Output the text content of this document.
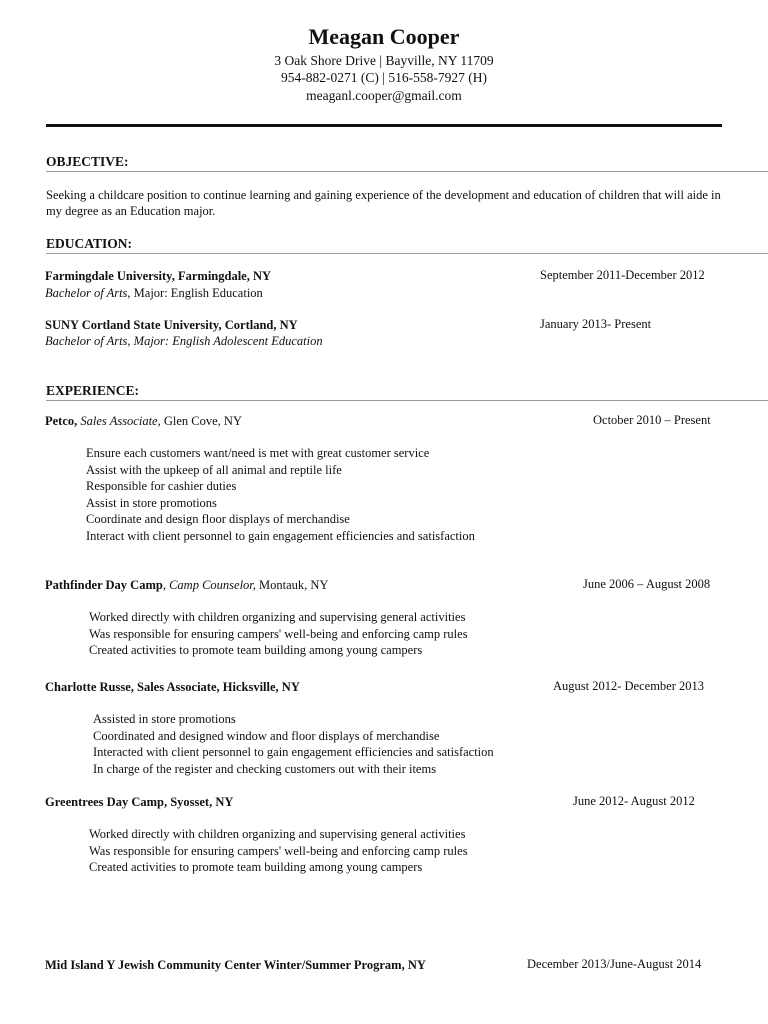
Meagan Cooper
3 Oak Shore Drive | Bayville, NY 11709
954-882-0271 (C) | 516-558-7927 (H)
meaganl.cooper@gmail.com
OBJECTIVE:
Seeking a childcare position to continue learning and gaining experience of the development and education of children that will aide in my degree as an Education major.
EDUCATION:
Farmingdale University, Farmingdale, NY	September 2011-December 2012
Bachelor of Arts, Major: English Education
SUNY Cortland State University, Cortland, NY	January 2013- Present
Bachelor of Arts, Major: English Adolescent Education
EXPERIENCE:
Petco, Sales Associate, Glen Cove, NY	October 2010 – Present
Ensure each customers want/need is met with great customer service
Assist with the upkeep of all animal and reptile life
Responsible for cashier duties
Assist in store promotions
Coordinate and design floor displays of merchandise
Interact with client personnel to gain engagement efficiencies and satisfaction
Pathfinder Day Camp, Camp Counselor, Montauk, NY	June 2006 – August 2008
Worked directly with children organizing and supervising general activities
Was responsible for ensuring campers' well-being and enforcing camp rules
Created activities to promote team building among young campers
Charlotte Russe, Sales Associate, Hicksville, NY	August 2012- December 2013
Assisted in store promotions
Coordinated and designed window and floor displays of merchandise
Interacted with client personnel to gain engagement efficiencies and satisfaction
In charge of the register and checking customers out with their items
Greentrees Day Camp, Syosset, NY	June 2012- August 2012
Worked directly with children organizing and supervising general activities
Was responsible for ensuring campers' well-being and enforcing camp rules
Created activities to promote team building among young campers
Mid Island Y Jewish Community Center Winter/Summer Program, NY	December 2013/June-August 2014
